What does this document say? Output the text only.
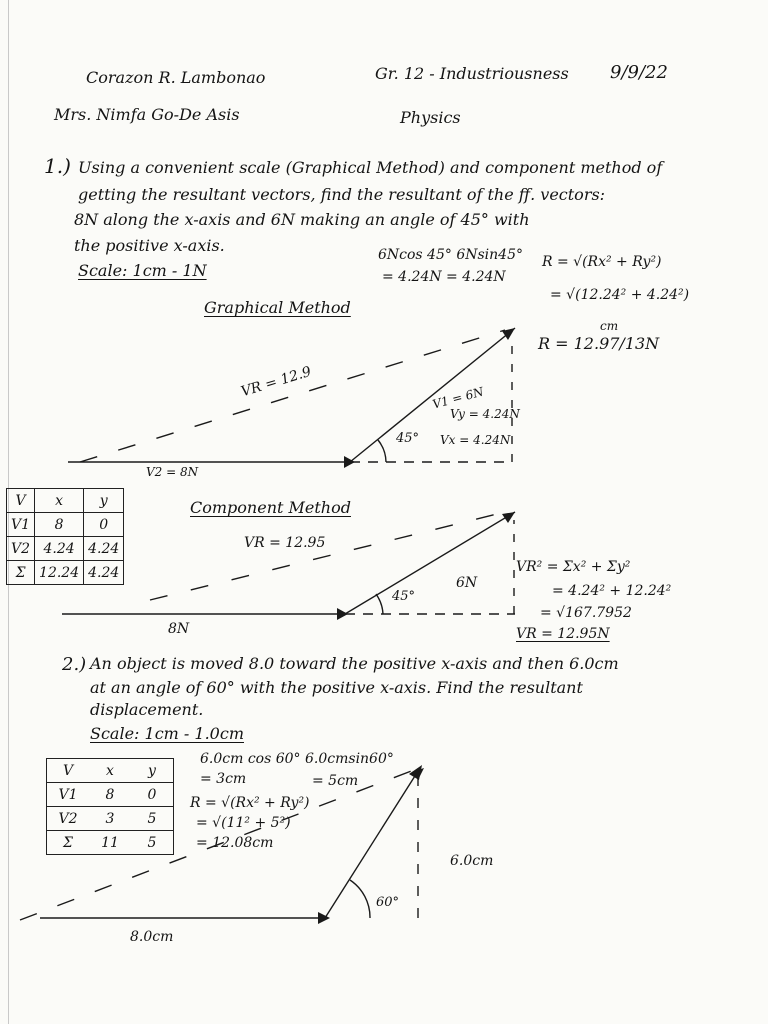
Corazon R. Lambonao	Gr. 12 - Industriousness 9/9/22
Mrs. Nimfa Go-De Asis	Physics
1.) Using a convenient scale (Graphical Method) and component method of
getting the resultant vectors, find the resultant of the ff. vectors:
8N along the x-axis and 6N making an angle of 45° with
the positive x-axis.
Scale: 1cm - 1N
6Ncos 45° 6Nsin45°
= 4.24N = 4.24N
R = √(Rx² + Ry²)
= √(12.24² + 4.24²)
cm
R = 12.97/13N
Graphical Method
VR = 12.9	V1 = 6N
Vy = 4.24N
45° Vx = 4.24N
V2 = 8N
V	x	y
V1	8	0
V2	4.24	4.24
Σ	12.24	4.24
Component Method
VR = 12.95
45°
6N
8N
VR² = Σx² + Σy²
= 4.24² + 12.24²
= √167.7952
VR = 12.95N
2.) An object is moved 8.0 toward the positive x-axis and then 6.0cm
at an angle of 60° with the positive x-axis. Find the resultant
displacement.
Scale: 1cm - 1.0cm
6.0cm cos 60° 6.0cmsin60°
= 3cm	= 5cm
R = √(Rx² + Ry²)
= √(11² + 5²)
= 12.08cm
V	x	y
V1	8	0
V2	3	5
Σ	11	5
6.0cm
60°
8.0cm
